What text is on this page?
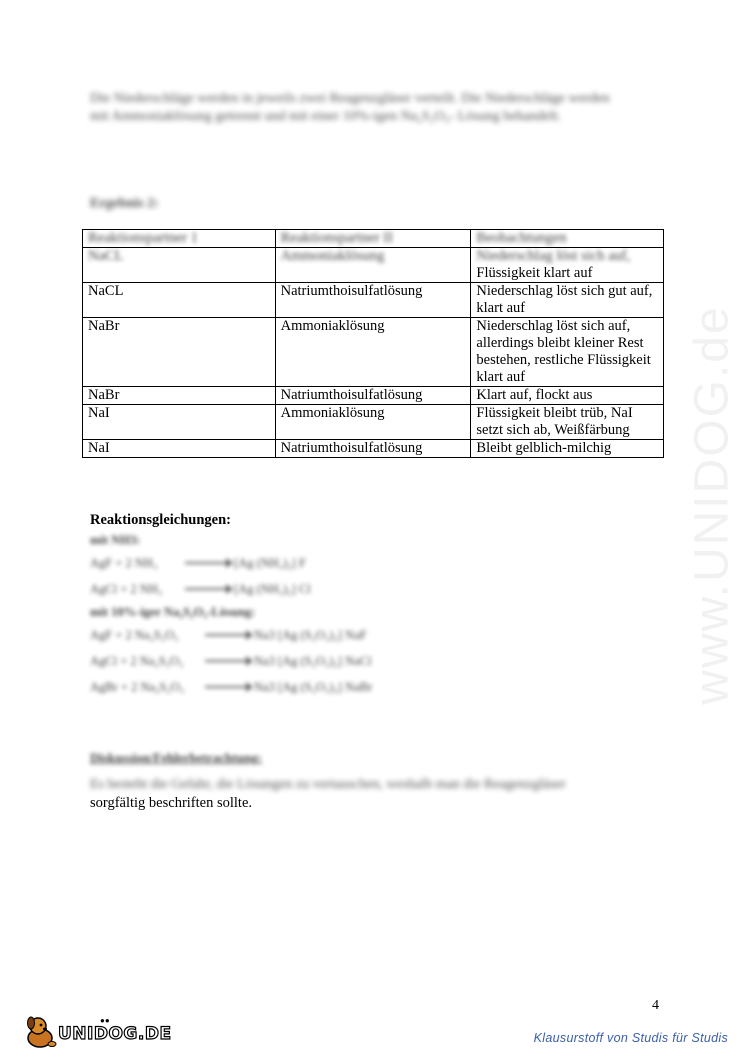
www.UNIDOG.de
Die Niederschläge werden in jeweils zwei Reagenzgläser verteilt. Die Niederschläge werden
mit Ammoniaklösung getrennt und mit einer 10%-igen Na₂S₂O₃- Lösung behandelt.
Ergebnis 2:
Reaktionspartner 1	Reaktionspartner II	Beobachtungen
NaCL	Ammoniaklösung	Niederschlag löst sich auf,
Flüssigkeit klart auf

NaCL	Natriumthoisulfatlösung	Niederschlag löst sich gut auf, klart auf
NaBr	Ammoniaklösung	Niederschlag löst sich auf, allerdings bleibt kleiner Rest bestehen, restliche Flüssigkeit klart auf
NaBr	Natriumthoisulfatlösung	Klart auf, flockt aus
NaI	Ammoniaklösung	Flüssigkeit bleibt trüb, NaI setzt sich ab, Weißfärbung
NaI	Natriumthoisulfatlösung	Bleibt gelblich-milchig
Reaktionsgleichungen:
mit NH3:
AgF + 2 NH₃	→ [Ag (NH₃)₂] F
AgCl + 2 NH₃	→ [Ag (NH₃)₂] Cl
mit 10%-iger Na₂S₂O₃-Lösung:
AgF + 2 Na₂S₂O₃	→ Na3 [Ag (S₂O₃)₂] NaF
AgCl + 2 Na₂S₂O₃	→ Na3 [Ag (S₂O₃)₂] NaCl
AgBr + 2 Na₂S₂O₃	→ Na3 [Ag (S₂O₃)₂] NaBr
Diskussion/Fehlerbetrachtung:
Es besteht die Gefahr, die Lösungen zu vertauschen, weshalb man die Reagenzgläser
sorgfältig beschriften sollte.
4
●●
UNIDOG.DE	Klausurstoff von Studis für Studis
